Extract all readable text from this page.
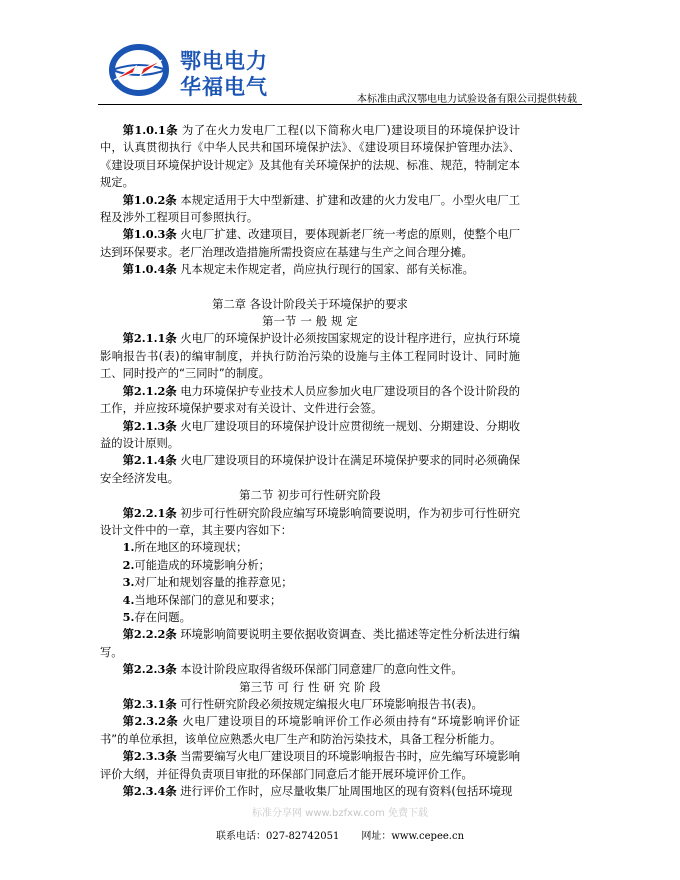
鄂电电力
华福电气
本标准由武汉鄂电电力试验设备有限公司提供转载

第1.0.1条 为了在火力发电厂工程(以下简称火电厂)建设项目的环境保护设计中，认真贯彻执行《中华人民共和国环境保护法》、《建设项目环境保护管理办法》、《建设项目环境保护设计规定》及其他有关环境保护的法规、标准、规范，特制定本规定。

第1.0.2条 本规定适用于大中型新建、扩建和改建的火力发电厂。小型火电厂工程及涉外工程项目可参照执行。

第1.0.3条 火电厂扩建、改建项目，要体现新老厂统一考虑的原则，使整个电厂达到环保要求。老厂治理改造措施所需投资应在基建与生产之间合理分摊。

第1.0.4条 凡本规定未作规定者，尚应执行现行的国家、部有关标准。

第二章 各设计阶段关于环境保护的要求

第一节 一 般 规 定

第2.1.1条 火电厂的环境保护设计必须按国家规定的设计程序进行，应执行环境影响报告书(表)的编审制度，并执行防治污染的设施与主体工程同时设计、同时施工、同时投产的“三同时”的制度。

第2.1.2条 电力环境保护专业技术人员应参加火电厂建设项目的各个设计阶段的工作，并应按环境保护要求对有关设计、文件进行会签。

第2.1.3条 火电厂建设项目的环境保护设计应贯彻统一规划、分期建设、分期收益的设计原则。

第2.1.4条 火电厂建设项目的环境保护设计在满足环境保护要求的同时必须确保安全经济发电。

第二节 初步可行性研究阶段

第2.2.1条 初步可行性研究阶段应编写环境影响简要说明，作为初步可行性研究设计文件中的一章，其主要内容如下：

1.所在地区的环境现状；

2.可能造成的环境影响分析；

3.对厂址和规划容量的推荐意见；

4.当地环保部门的意见和要求；

5.存在问题。

第2.2.2条 环境影响简要说明主要依据收资调查、类比描述等定性分析法进行编写。

第2.2.3条 本设计阶段应取得省级环保部门同意建厂的意向性文件。

第三节 可 行 性 研 究 阶 段

第2.3.1条 可行性研究阶段必须按规定编报火电厂环境影响报告书(表)。

第2.3.2条 火电厂建设项目的环境影响评价工作必须由持有“环境影响评价证书”的单位承担，该单位应熟悉火电厂生产和防治污染技术，具备工程分析能力。

第2.3.3条 当需要编写火电厂建设项目的环境影响报告书时，应先编写环境影响评价大纲，并征得负责项目审批的环保部门同意后才能开展环境评价工作。

第2.3.4条 进行评价工作时，应尽量收集厂址周围地区的现有资料(包括环境现

标准分享网 www.bzfxw.com 免费下载
联系电话：027-82742051 网址：www.cepee.cn
